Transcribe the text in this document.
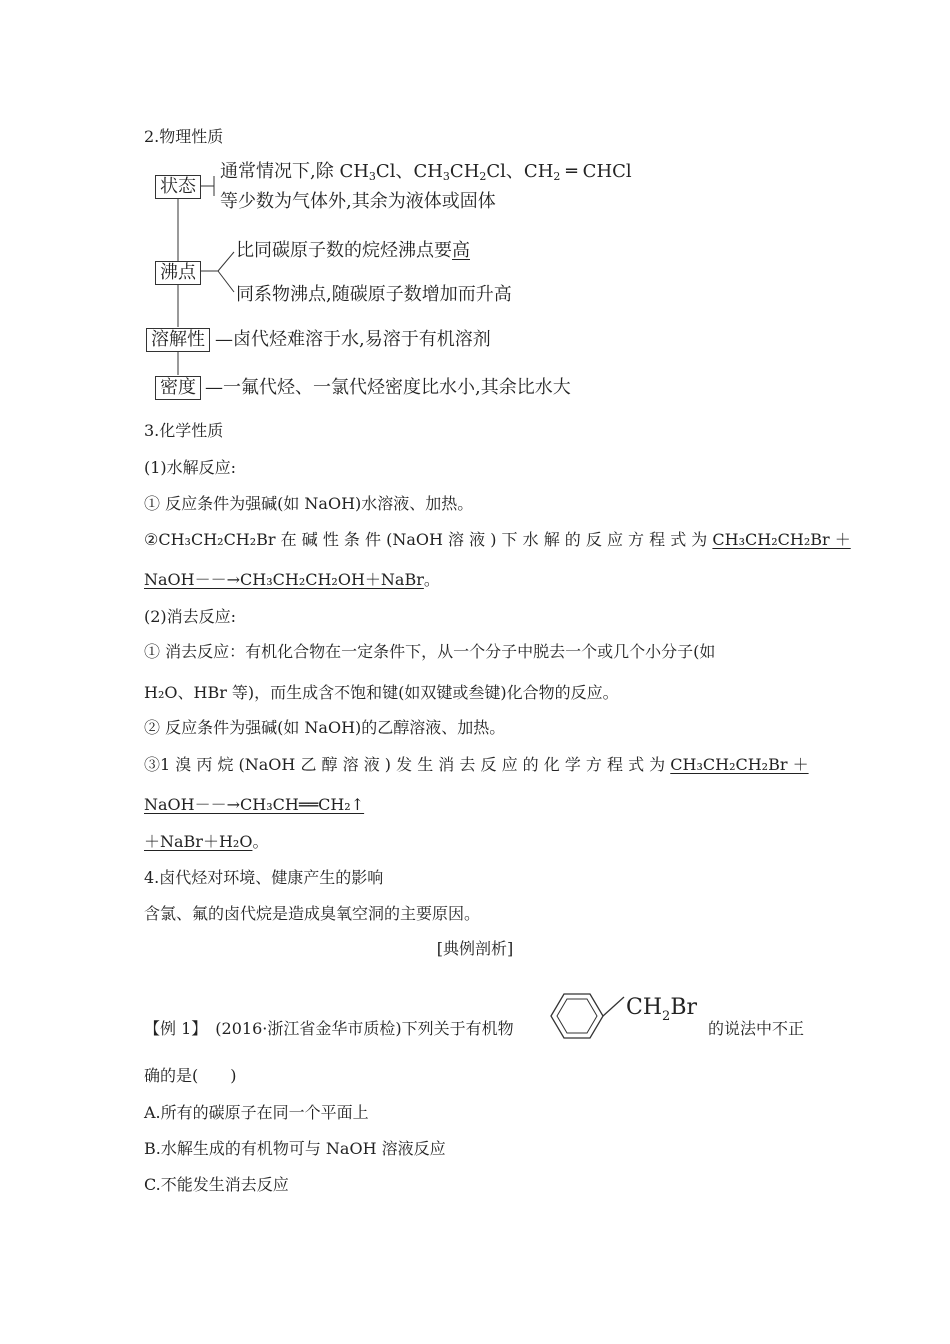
2.物理性质
状态
通常情况下,除 $CH_3Cl$、$CH_3CH_2Cl$、$CH_2$ ═ CHCl
等少数为气体外,其余为液体或固体
沸点
比同碳原子数的烷烃沸点要高
同系物沸点,随碳原子数增加而升高
溶解性 —卤代烃难溶于水,易溶于有机溶剂
密度 —一氟代烃、一氯代烃密度比水小,其余比水大
3.化学性质
(1)水解反应:
① 反应条件为强碱(如 NaOH)水溶液、加热。
②CH₃CH₂CH₂Br 在 碱 性 条 件 (NaOH 溶 液 ) 下 水 解 的 反 应 方 程 式 为 CH₃CH₂CH₂Br ＋
NaOH－－→CH₃CH₂CH₂OH＋NaBr。
(2)消去反应:
① 消去反应：有机化合物在一定条件下，从一个分子中脱去一个或几个小分子(如
H₂O、HBr 等)，而生成含不饱和键(如双键或叁键)化合物的反应。
② 反应条件为强碱(如 NaOH)的乙醇溶液、加热。
③1 溴 丙 烷 (NaOH 乙 醇 溶 液 ) 发 生 消 去 反 应 的 化 学 方 程 式 为 CH₃CH₂CH₂Br ＋
NaOH－－→CH₃CH══CH₂↑
＋NaBr＋H₂O。
4.卤代烃对环境、健康产生的影响
含氯、氟的卤代烷是造成臭氧空洞的主要原因。
[典例剖析]
【例 1】　 (2016·浙江省金华市质检)下列关于有机物
$CH_2Br$
的说法中不正
确的是(　　)
A.所有的碳原子在同一个平面上
B.水解生成的有机物可与 NaOH 溶液反应
C.不能发生消去反应
